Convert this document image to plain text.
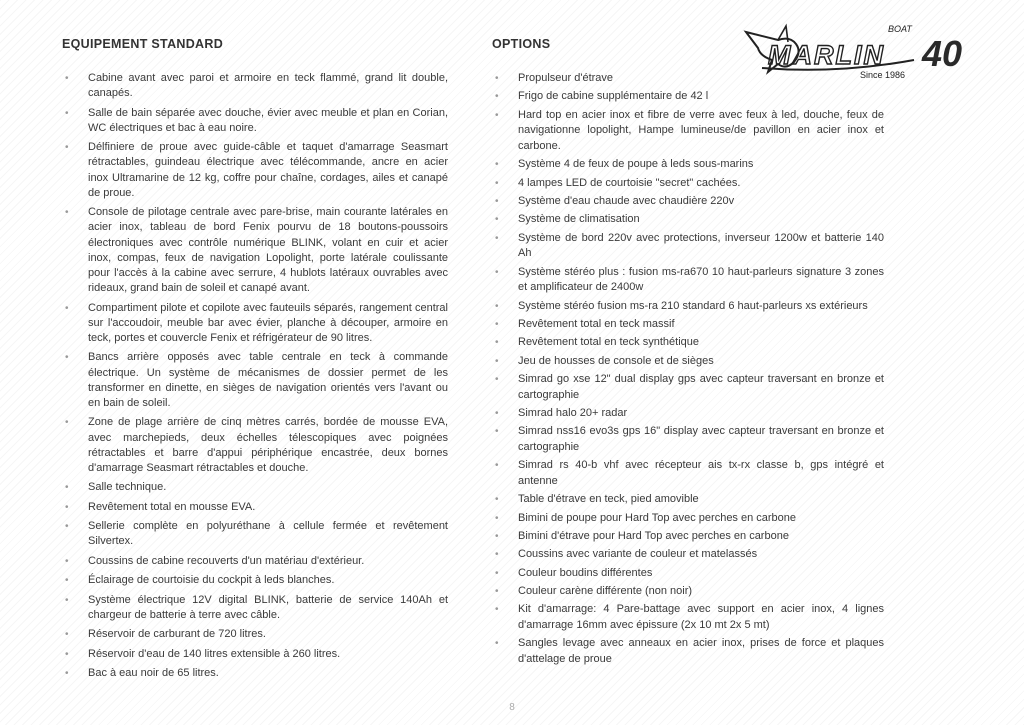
EQUIPEMENT STANDARD
• Cabine avant avec paroi et armoire en teck flammé, grand lit double, canapés.
• Salle de bain séparée avec douche, évier avec meuble et plan en Corian, WC électriques et bac à eau noire.
• Délfiniere de proue avec guide-câble et taquet d'amarrage Seasmart rétractables, guindeau électrique avec télécommande, ancre en acier inox Ultramarine de 12 kg, coffre pour chaîne, cordages, ailes et canapé de proue.
• Console de pilotage centrale avec pare-brise, main courante latérales en acier inox, tableau de bord Fenix pourvu de 18 boutons-poussoirs électroniques avec contrôle numérique BLINK, volant en cuir et acier inox, compas, feux de navigation Lopolight, porte latérale coulissante pour l'accès à la cabine avec serrure, 4 hublots latéraux ouvrables avec rideaux, grand bain de soleil et canapé avant.
• Compartiment pilote et copilote avec fauteuils séparés, rangement central sur l'accoudoir, meuble bar avec évier, planche à découper, armoire en teck, portes et couvercle Fenix et réfrigérateur de 90 litres.
• Bancs arrière opposés avec table centrale en teck à commande électrique. Un système de mécanismes de dossier permet de les transformer en dinette, en sièges de navigation orientés vers l'avant ou en bain de soleil.
• Zone de plage arrière de cinq mètres carrés, bordée de mousse EVA, avec marchepieds, deux échelles télescopiques avec poignées rétractables et barre d'appui périphérique encastrée, deux bornes d'amarrage Seasmart rétractables et douche.
• Salle technique.
• Revêtement total en mousse EVA.
• Sellerie complète en polyuréthane à cellule fermée et revêtement Silvertex.
• Coussins de cabine recouverts d'un matériau d'extérieur.
• Éclairage de courtoisie du cockpit à leds blanches.
• Système électrique 12V digital BLINK, batterie de service 140Ah et chargeur de batterie à terre avec câble.
• Réservoir de carburant de 720 litres.
• Réservoir d'eau de 140 litres extensible à 260 litres.
• Bac à eau noir de 65 litres.
OPTIONS
• Propulseur d'étrave
• Frigo de cabine supplémentaire de 42 l
• Hard top en acier inox et fibre de verre avec feux à led, douche, feux de navigationne lopolight, Hampe lumineuse/de pavillon en acier inox et carbone.
• Système 4 de feux de poupe à leds sous-marins
• 4 lampes LED de courtoisie "secret" cachées.
• Système d'eau chaude avec chaudière 220v
• Système de climatisation
• Système de bord 220v avec protections, inverseur 1200w et batterie 140 Ah
• Système stéréo plus : fusion ms-ra670 10 haut-parleurs signature 3 zones et amplificateur de 2400w
• Système stéréo fusion ms-ra 210 standard 6 haut-parleurs xs extérieurs
• Revêtement total en teck massif
• Revêtement total en teck synthétique
• Jeu de housses de console et de sièges
• Simrad go xse 12" dual display gps avec capteur traversant en bronze et cartographie
• Simrad halo 20+ radar
• Simrad nss16 evo3s gps 16" display avec capteur traversant en bronze et cartographie
• Simrad rs 40-b vhf avec récepteur ais tx-rx classe b, gps intégré et antenne
• Table d'étrave en teck, pied amovible
• Bimini de poupe pour Hard Top avec perches en carbone
• Bimini d'étrave pour Hard Top avec perches en carbone
• Coussins avec variante de couleur et matelassés
• Couleur boudins différentes
• Couleur carène différente (non noir)
• Kit d'amarrage: 4 Pare-battage avec support en acier inox, 4 lignes d'amarrage 16mm avec épissure (2x 10 mt 2x 5 mt)
• Sangles levage avec anneaux en acier inox, prises de force et plaques d'attelage de proue
MARLIN
BOAT
40
Since 1986
8
